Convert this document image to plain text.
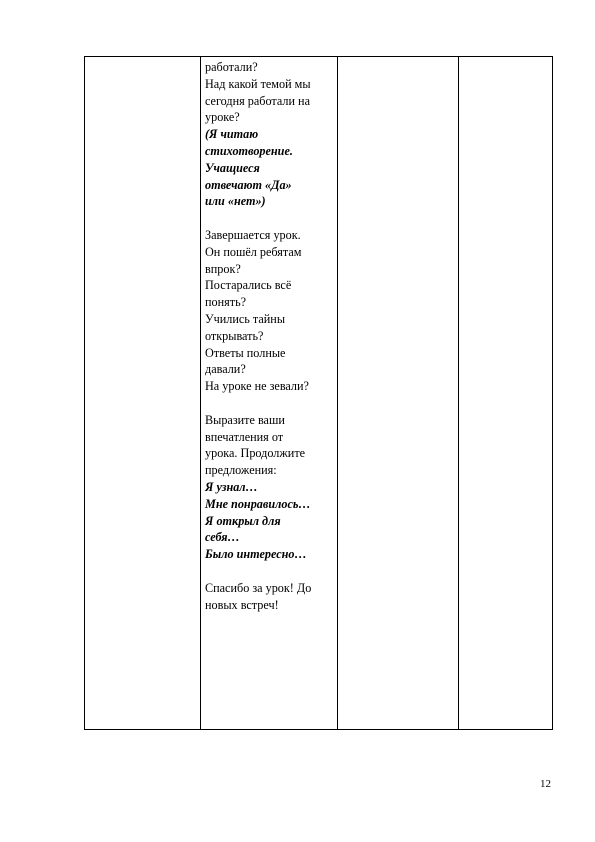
работали?
Над какой темой мы
сегодня работали на
уроке?
(Я читаю
стихотворение.
Учащиеся
отвечают «Да»
или «нет»)
Завершается урок.
Он пошёл ребятам
впрок?
Постарались всё
понять?
Учились тайны
открывать?
Ответы полные
давали?
На уроке не зевали?
Выразите ваши
впечатления от
урока. Продолжите
предложения:
Я узнал…
Мне понравилось…
Я открыл для
себя…
Было интересно…
Спасибо за урок! До
новых встреч!
12
